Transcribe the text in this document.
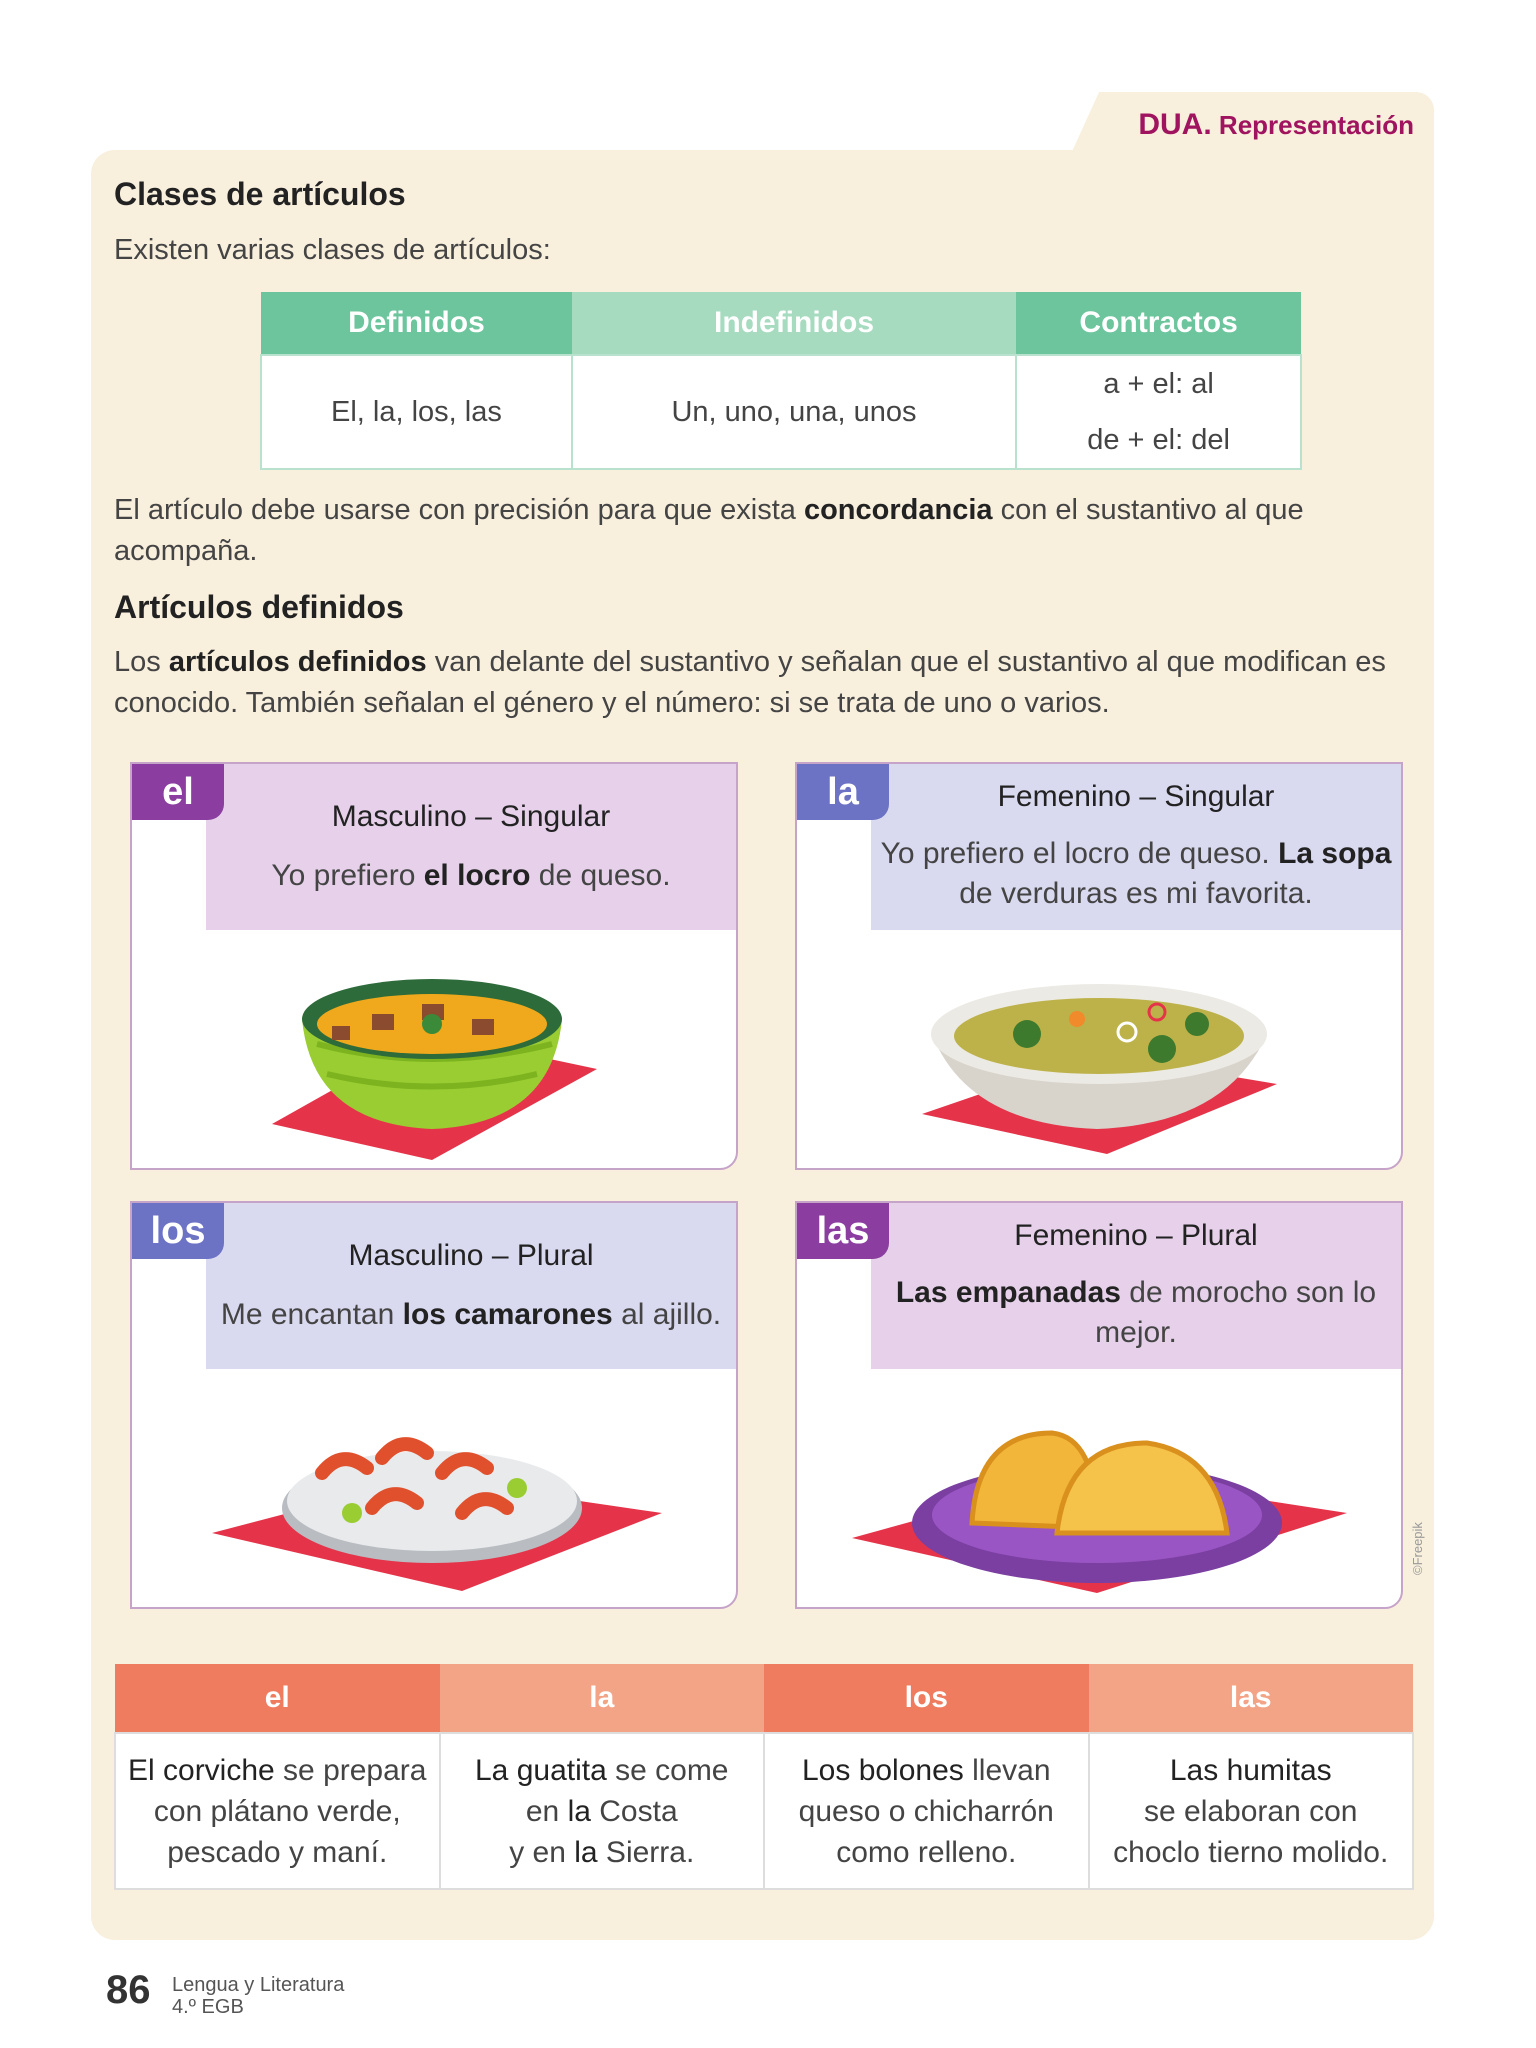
DUA. Representación
Clases de artículos

Existen varias clases de artículos:

Definidos	Indefinidos	Contractos
El, la, los, las	Un, uno, una, unos	a + el: al
de + el: del

El artículo debe usarse con precisión para que exista concordancia con el sustantivo al que acompaña.

Artículos definidos

Los artículos definidos van delante del sustantivo y señalan que el sustantivo al que modifican es conocido. También señalan el género y el número: si se trata de uno o varios.

el
Masculino – Singular
Yo prefiero el locro de queso.
la	Femenino – Singular
Yo prefiero el locro de queso. La sopa de verduras es mi favorita.
los
Masculino – Plural
Me encantan los camarones al ajillo.
las	Femenino – Plural
Las empanadas de morocho son lo mejor.
©Freepik
el	la	los	las
El corviche se prepara
con plátano verde,
pescado y maní.	La guatita se come
en la Costa
y en la Sierra.	Los bolones llevan
queso o chicharrón
como relleno.	Las humitas
se elaboran con
choclo tierno molido.
86 Lengua y Literatura
4.º EGB
